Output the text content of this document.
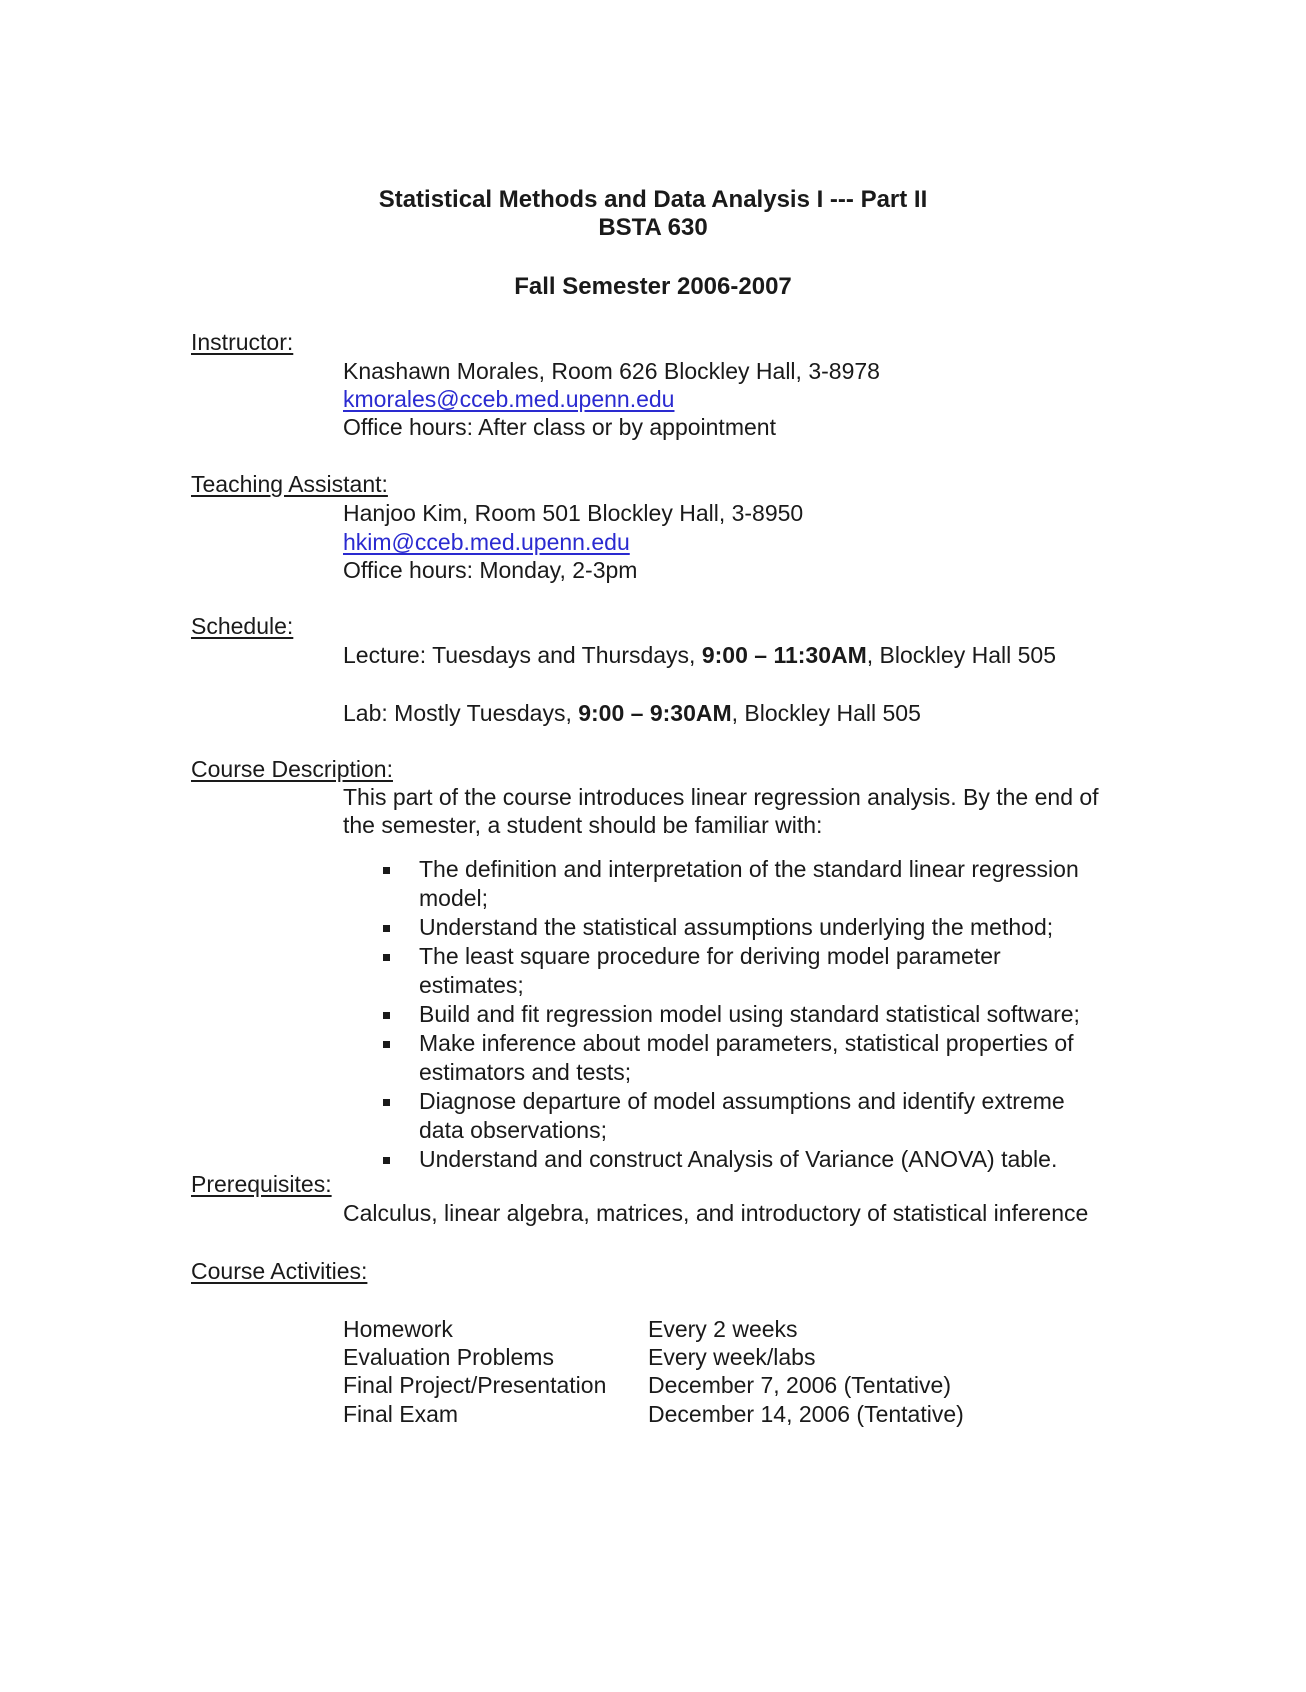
Statistical Methods and Data Analysis I --- Part II
BSTA 630
Fall Semester 2006-2007
Instructor:
Knashawn Morales, Room 626 Blockley Hall, 3-8978
kmorales@cceb.med.upenn.edu
Office hours: After class or by appointment
Teaching Assistant:
Hanjoo Kim, Room 501 Blockley Hall, 3-8950
hkim@cceb.med.upenn.edu
Office hours: Monday, 2-3pm
Schedule:
Lecture: Tuesdays and Thursdays, 9:00 – 11:30AM, Blockley Hall 505
Lab: Mostly Tuesdays, 9:00 – 9:30AM, Blockley Hall 505
Course Description:
This part of the course introduces linear regression analysis. By the end of
the semester, a student should be familiar with:
The definition and interpretation of the standard linear regression model;
Understand the statistical assumptions underlying the method;
The least square procedure for deriving model parameter estimates;
Build and fit regression model using standard statistical software;
Make inference about model parameters, statistical properties of estimators and tests;
Diagnose departure of model assumptions and identify extreme data observations;
Understand and construct Analysis of Variance (ANOVA) table.
Prerequisites:
Calculus, linear algebra, matrices, and introductory of statistical inference
Course Activities:
Homework	Every 2 weeks
Evaluation Problems	Every week/labs
Final Project/Presentation December 7, 2006 (Tentative)
Final Exam	December 14, 2006 (Tentative)
